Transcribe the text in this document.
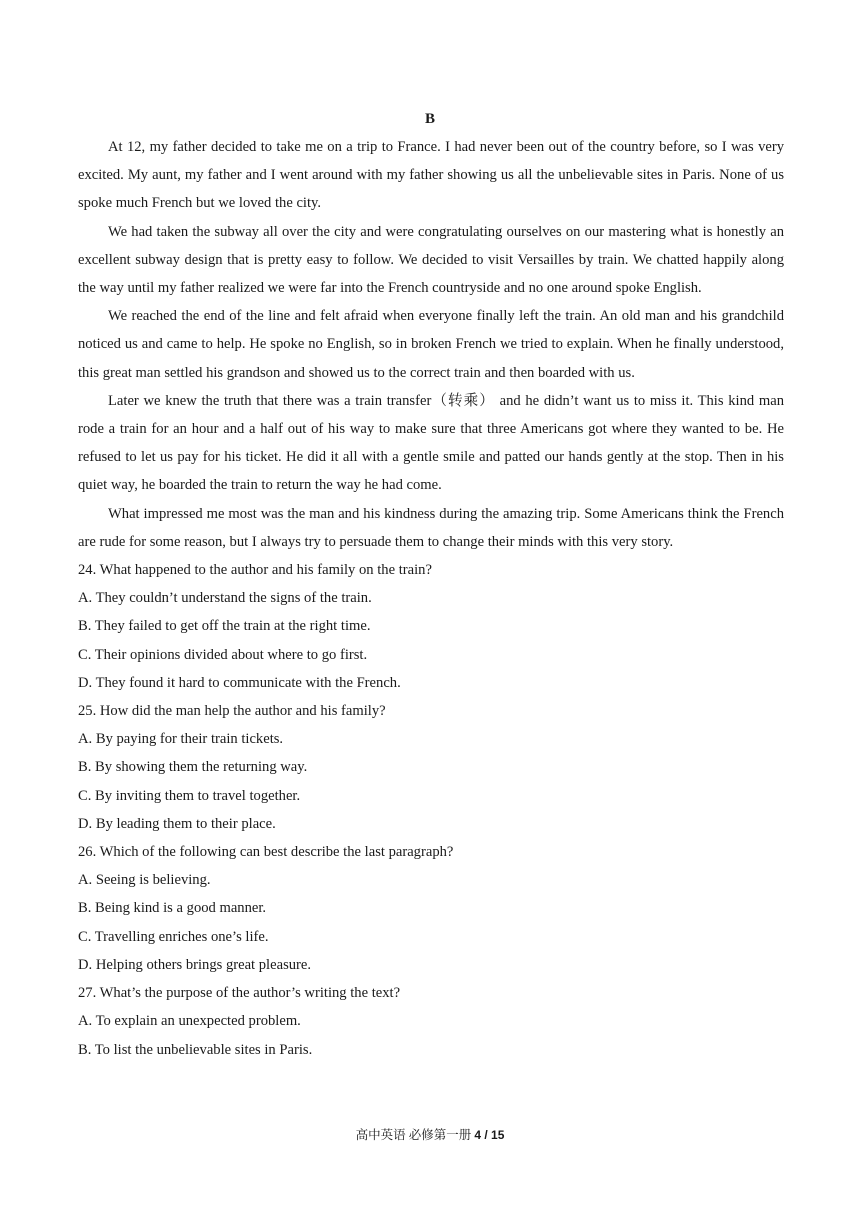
B

At 12, my father decided to take me on a trip to France. I had never been out of the country before, so I was very excited. My aunt, my father and I went around with my father showing us all the unbelievable sites in Paris. None of us spoke much French but we loved the city.

We had taken the subway all over the city and were congratulating ourselves on our mastering what is honestly an excellent subway design that is pretty easy to follow. We decided to visit Versailles by train. We chatted happily along the way until my father realized we were far into the French countryside and no one around spoke English.

We reached the end of the line and felt afraid when everyone finally left the train. An old man and his grandchild noticed us and came to help. He spoke no English, so in broken French we tried to explain. When he finally understood, this great man settled his grandson and showed us to the correct train and then boarded with us.

Later we knew the truth that there was a train transfer（转乘） and he didn’t want us to miss it. This kind man rode a train for an hour and a half out of his way to make sure that three Americans got where they wanted to be. He refused to let us pay for his ticket. He did it all with a gentle smile and patted our hands gently at the stop. Then in his quiet way, he boarded the train to return the way he had come.

What impressed me most was the man and his kindness during the amazing trip. Some Americans think the French are rude for some reason, but I always try to persuade them to change their minds with this very story.

24. What happened to the author and his family on the train?

A. They couldn’t understand the signs of the train.

B. They failed to get off the train at the right time.

C. Their opinions divided about where to go first.

D. They found it hard to communicate with the French.

25. How did the man help the author and his family?

A. By paying for their train tickets.

B. By showing them the returning way.

C. By inviting them to travel together.

D. By leading them to their place.

26. Which of the following can best describe the last paragraph?

A. Seeing is believing.

B. Being kind is a good manner.

C. Travelling enriches one’s life.

D. Helping others brings great pleasure.

27. What’s the purpose of the author’s writing the text?

A. To explain an unexpected problem.

B. To list the unbelievable sites in Paris.

高中英语 必修第一册 4 / 15
